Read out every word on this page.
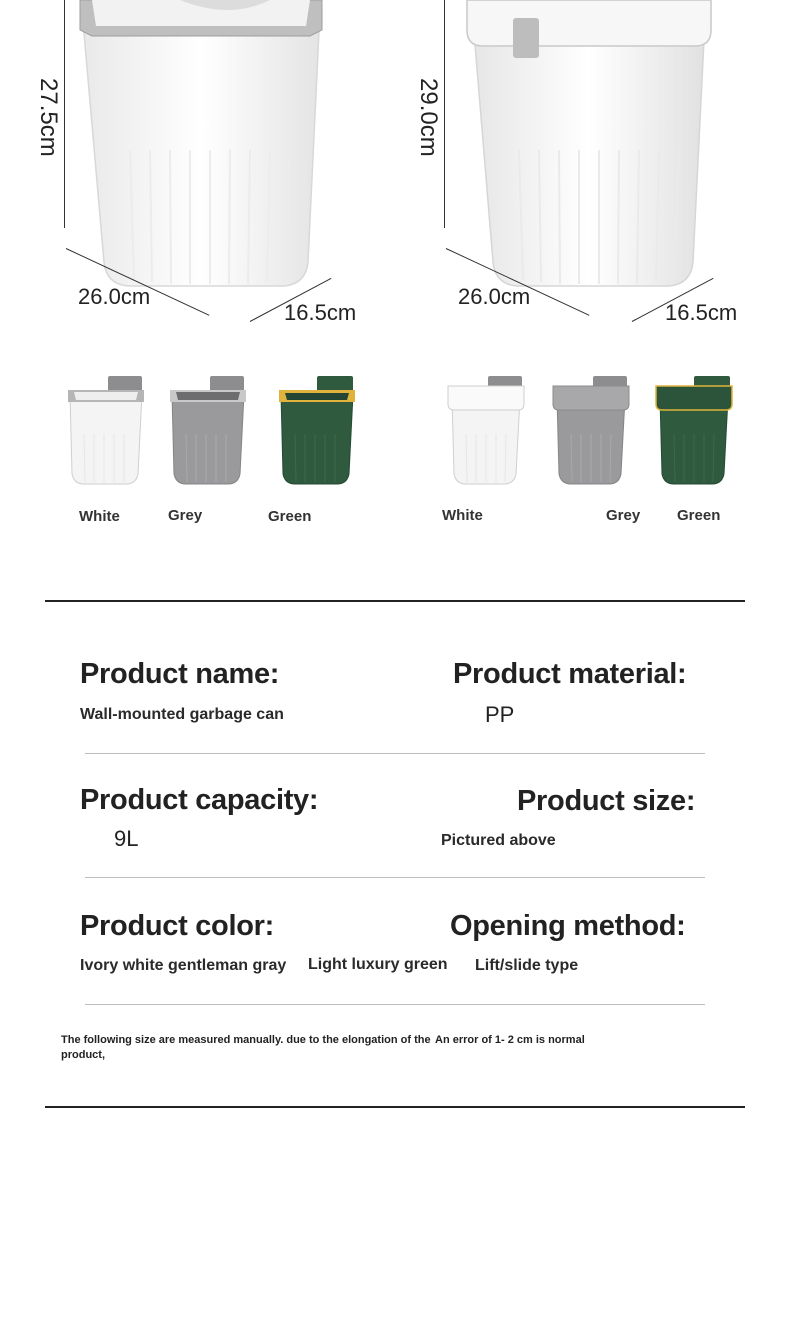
27.5cm
26.0cm
16.5cm
29.0cm
26.0cm
16.5cm
White	Grey	Green	White	Grey Green
Product name:
Wall-mounted garbage can
Product material:
PP
Product capacity:
9L
Product size:
Pictured above
Product color:
Ivory white gentleman gray Light luxury green
Opening method:
Lift/slide type
The following size are measured manually. due to the elongation of the product,
An error of 1- 2 cm is normal
